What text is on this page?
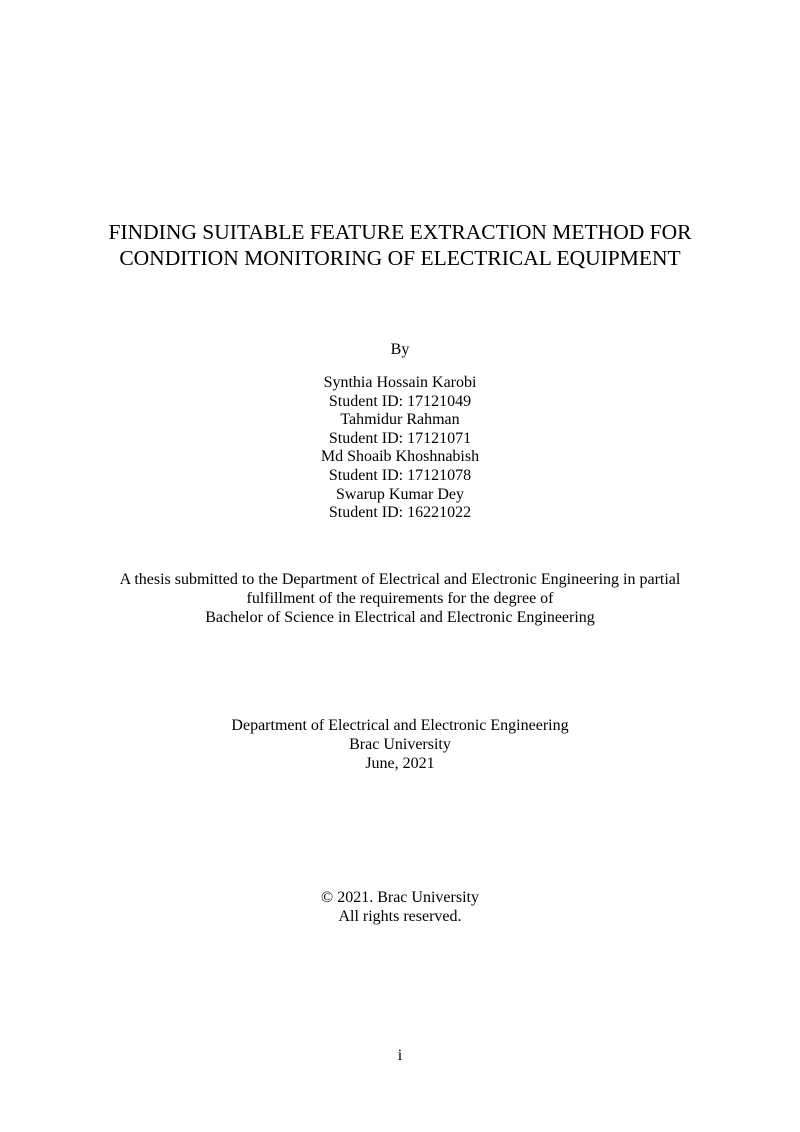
FINDING SUITABLE FEATURE EXTRACTION METHOD FOR
CONDITION MONITORING OF ELECTRICAL EQUIPMENT
By
Synthia Hossain Karobi
Student ID: 17121049
Tahmidur Rahman
Student ID: 17121071
Md Shoaib Khoshnabish
Student ID: 17121078
Swarup Kumar Dey
Student ID: 16221022
A thesis submitted to the Department of Electrical and Electronic Engineering in partial
fulfillment of the requirements for the degree of
Bachelor of Science in Electrical and Electronic Engineering
Department of Electrical and Electronic Engineering
Brac University
June, 2021
© 2021. Brac University
All rights reserved.
i
